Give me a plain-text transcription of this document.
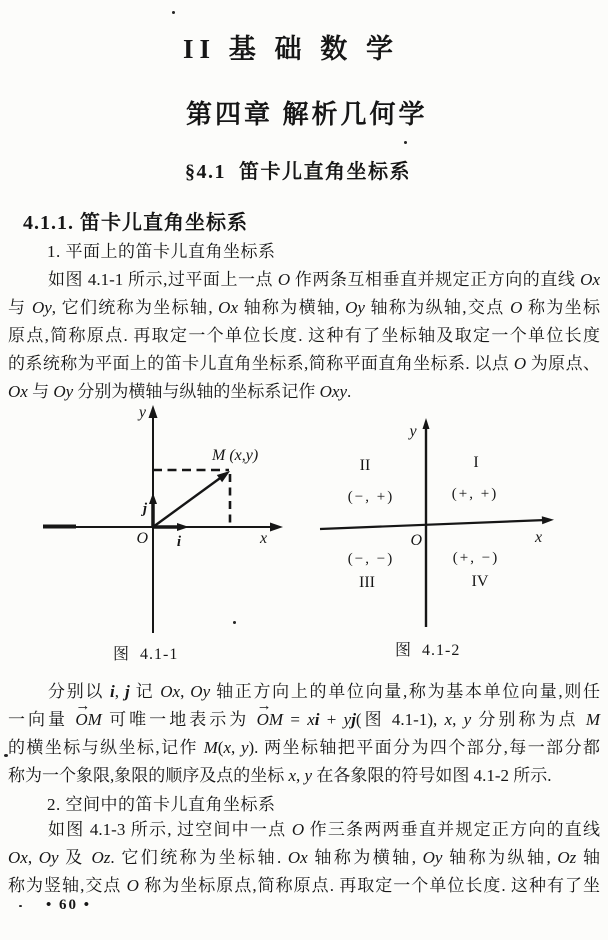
II 基 础 数 学
第四章 解析几何学
§4.1  笛卡儿直角坐标系
4.1.1. 笛卡儿直角坐标系
1. 平面上的笛卡儿直角坐标系
如图 4.1-1 所示,过平面上一点 O 作两条互相垂直并规定正方向的直线 Ox
与 Oy, 它们统称为坐标轴, Ox 轴称为横轴, Oy 轴称为纵轴,交点 O 称为坐标
原点,简称原点. 再取定一个单位长度. 这种有了坐标轴及取定一个单位长度
的系统称为平面上的笛卡儿直角坐标系,简称平面直角坐标系. 以点 O 为原点、
Ox 与 Oy 分别为横轴与纵轴的坐标系记作 Oxy.
y
x
O i
j
M (x,y)
y
x
O
I
II
III	IV
(+, +)
(−, +)
(−, −)	(+, −)
图  4.1-1	图  4.1-2
分别以 i, j 记 Ox, Oy 轴正方向上的单位向量,称为基本单位向量,则任
一向量 → OM 可唯一地表示为 → OM = xi + yj(图 4.1-1), x, y 分别称为点 M
的横坐标与纵坐标,记作 M(x, y). 两坐标轴把平面分为四个部分,每一部分都
称为一个象限,象限的顺序及点的坐标 x, y 在各象限的符号如图 4.1-2 所示.
2. 空间中的笛卡儿直角坐标系
如图 4.1-3 所示, 过空间中一点 O 作三条两两垂直并规定正方向的直线
Ox, Oy 及 Oz. 它们统称为坐标轴. Ox 轴称为横轴, Oy 轴称为纵轴, Oz 轴
称为竖轴,交点 O 称为坐标原点,简称原点. 再取定一个单位长度. 这种有了坐
• 60 •
